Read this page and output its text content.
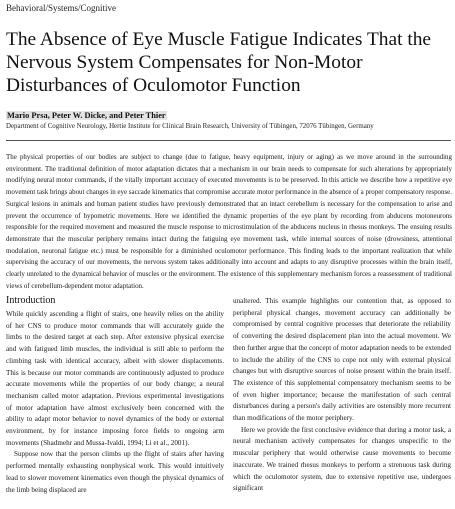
Behavioral/Systems/Cognitive
The Absence of Eye Muscle Fatigue Indicates That the Nervous System Compensates for Non-Motor Disturbances of Oculomotor Function
Mario Prsa, Peter W. Dicke, and Peter Thier
Department of Cognitive Neurology, Hertie Institute for Clinical Brain Research, University of Tübingen, 72076 Tübingen, Germany

The physical properties of our bodies are subject to change (due to fatigue, heavy equipment, injury or aging) as we move around in the surrounding environment. The traditional definition of motor adaptation dictates that a mechanism in our brain needs to compensate for such alterations by appropriately modifying neural motor commands, if the vitally important accuracy of executed movements is to be preserved. In this article we describe how a repetitive eye movement task brings about changes in eye saccade kinematics that compromise accurate motor performance in the absence of a proper compensatory response. Surgical lesions in animals and human patient studies have previously demonstrated that an intact cerebellum is necessary for the compensation to arise and prevent the occurrence of hypometric movements. Here we identified the dynamic properties of the eye plant by recording from abducens motoneurons responsible for the required movement and measured the muscle response to microstimulation of the abducens nucleus in rhesus monkeys. The ensuing results demonstrate that the muscular periphery remains intact during the fatiguing eye movement task, while internal sources of noise (drowsiness, attentional modulation, neuronal fatigue etc.) must be responsible for a diminished oculomotor performance. This finding leads to the important realization that while supervising the accuracy of our movements, the nervous system takes additionally into account and adapts to any disruptive processes within the brain itself, clearly unrelated to the dynamical behavior of muscles or the environment. The existence of this supplementary mechanism forces a reassessment of traditional views of cerebellum-dependent motor adaptation.

Introduction

While quickly ascending a flight of stairs, one heavily relies on the ability of her CNS to produce motor commands that will accurately guide the limbs to the desired target at each step. After extensive physical exercise and with fatigued limb muscles, the individual is still able to perform the climbing task with identical accuracy, albeit with slower displacements. This is because our motor commands are continuously adjusted to produce accurate movements while the properties of our body change; a neural mechanism called motor adaptation. Previous experimental investigations of motor adaptation have almost exclusively been concerned with the ability to adapt motor behavior to novel dynamics of the body or external environment, by for instance imposing force fields to ongoing arm movements (Shadmehr and Mussa-Ivaldi, 1994; Li et al., 2001).

Suppose now that the person climbs up the flight of stairs after having performed mentally exhausting nonphysical work. This would intuitively lead to slower movement kinematics even though the physical dynamics of the limb being displaced are

unaltered. This example highlights our contention that, as opposed to peripheral physical changes, movement accuracy can additionally be compromised by central cognitive processes that deteriorate the reliability of converting the desired displacement plan into the actual movement. We then further argue that the concept of motor adaptation needs to be extended to include the ability of the CNS to cope not only with external physical changes but with disruptive sources of noise present within the brain itself. The existence of this supplemental compensatory mechanism seems to be of even higher importance; because the manifestation of such central disturbances during a person's daily activities are ostensibly more recurrent than modifications of the motor periphery.

Here we provide the first conclusive evidence that during a motor task, a neural mechanism actively compensates for changes unspecific to the muscular periphery that would otherwise cause movements to become inaccurate. We trained rhesus monkeys to perform a strenuous task during which the oculomotor system, due to extensive repetitive use, undergoes significant
